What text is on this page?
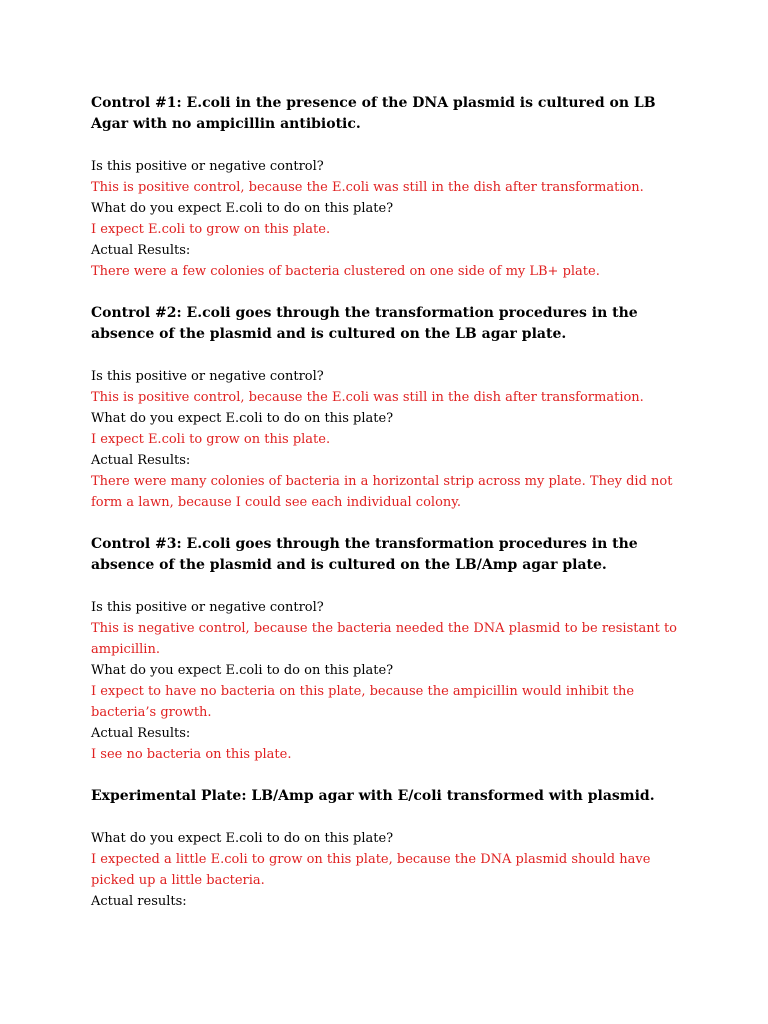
Control #1: E.coli in the presence of the DNA plasmid is cultured on LB Agar with no ampicillin antibiotic.

Is this positive or negative control?

This is positive control, because the E.coli was still in the dish after transformation.

What do you expect E.coli to do on this plate?

I expect E.coli to grow on this plate.

Actual Results:

There were a few colonies of bacteria clustered on one side of my LB+ plate.

Control #2: E.coli goes through the transformation procedures in the absence of the plasmid and is cultured on the LB agar plate.

Is this positive or negative control?

This is positive control, because the E.coli was still in the dish after transformation.

What do you expect E.coli to do on this plate?

I expect E.coli to grow on this plate.

Actual Results:

There were many colonies of bacteria in a horizontal strip across my plate. They did not form a lawn, because I could see each individual colony.

Control #3: E.coli goes through the transformation procedures in the absence of the plasmid and is cultured on the LB/Amp agar plate.

Is this positive or negative control?

This is negative control, because the bacteria needed the DNA plasmid to be resistant to ampicillin.

What do you expect E.coli to do on this plate?

I expect to have no bacteria on this plate, because the ampicillin would inhibit the bacteria’s growth.

Actual Results:

I see no bacteria on this plate.

Experimental Plate: LB/Amp agar with E/coli transformed with plasmid.

What do you expect E.coli to do on this plate?

I expected a little E.coli to grow on this plate, because the DNA plasmid should have picked up a little bacteria.

Actual results:
